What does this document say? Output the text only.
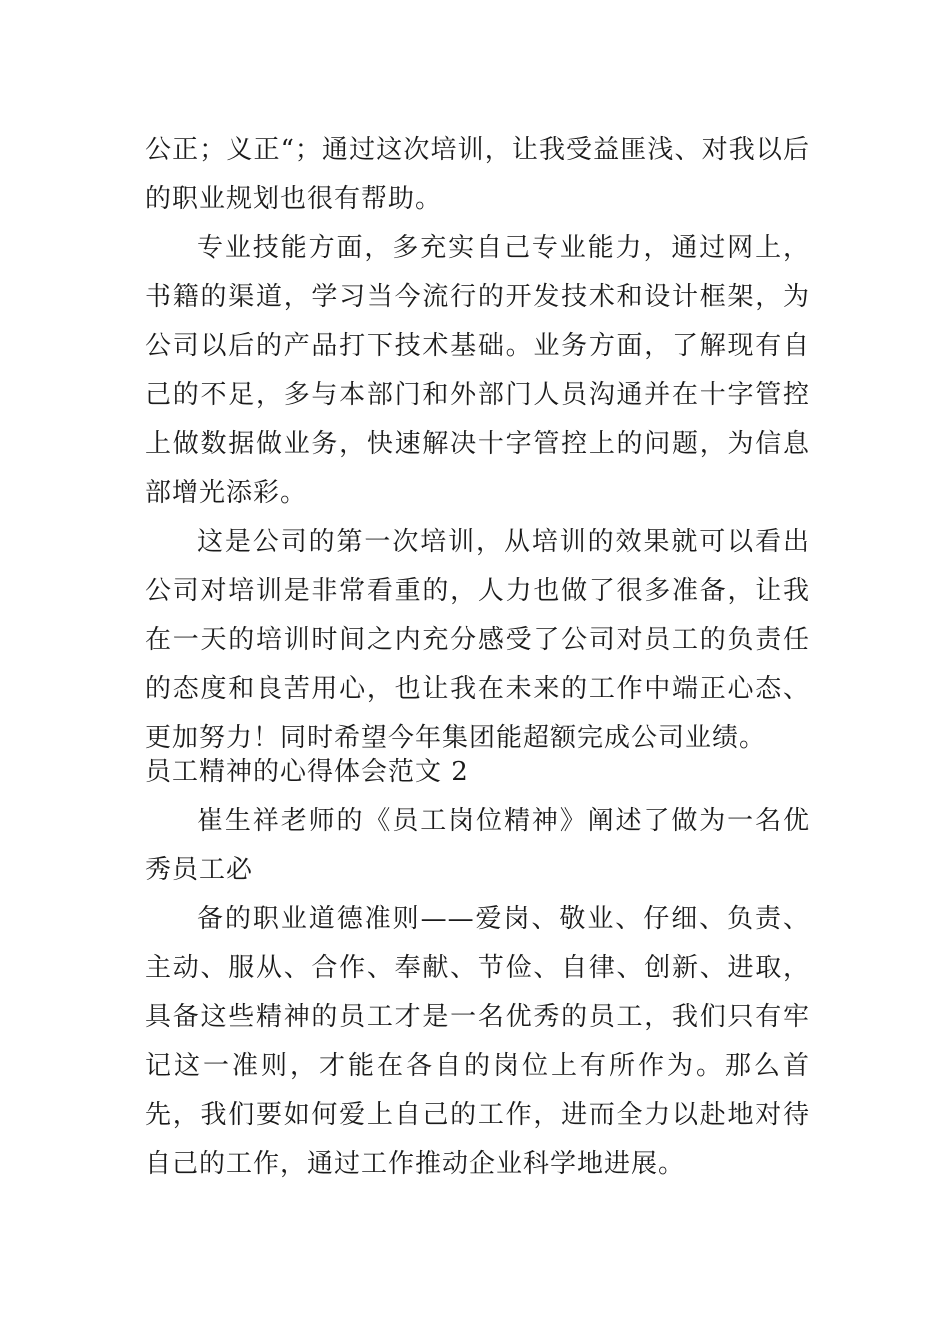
公正；义正“；通过这次培训，让我受益匪浅、对我以后的职业规划也很有帮助。

专业技能方面，多充实自己专业能力，通过网上，书籍的渠道，学习当今流行的开发技术和设计框架，为公司以后的产品打下技术基础。业务方面，了解现有自己的不足，多与本部门和外部门人员沟通并在十字管控上做数据做业务，快速解决十字管控上的问题，为信息部增光添彩。

这是公司的第一次培训，从培训的效果就可以看出公司对培训是非常看重的，人力也做了很多准备，让我在一天的培训时间之内充分感受了公司对员工的负责任的态度和良苦用心，也让我在未来的工作中端正心态、更加努力！同时希望今年集团能超额完成公司业绩。

员工精神的心得体会范文 2

崔生祥老师的《员工岗位精神》阐述了做为一名优秀员工必

备的职业道德准则——爱岗、敬业、仔细、负责、主动、服从、合作、奉献、节俭、自律、创新、进取，具备这些精神的员工才是一名优秀的员工，我们只有牢记这一准则，才能在各自的岗位上有所作为。那么首先，我们要如何爱上自己的工作，进而全力以赴地对待自己的工作，通过工作推动企业科学地进展。
